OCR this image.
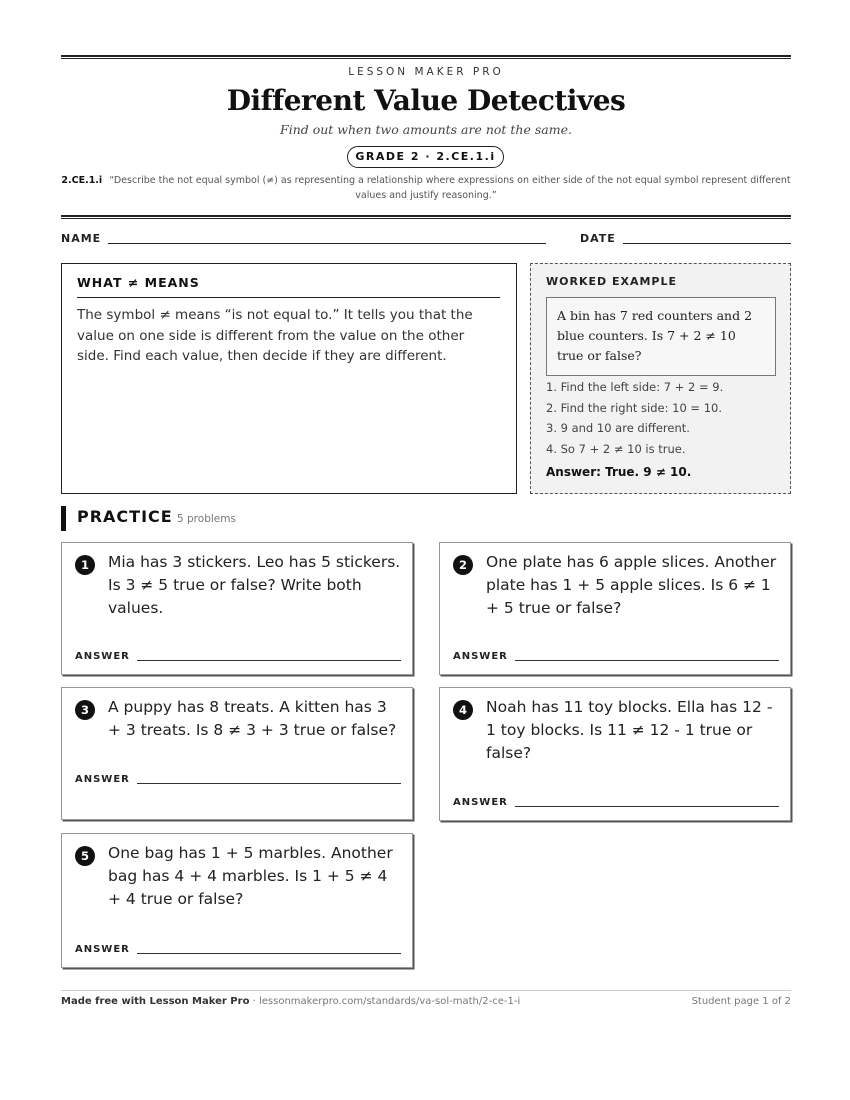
LESSON MAKER PRO
Different Value Detectives
Find out when two amounts are not the same.
GRADE 2 · 2.CE.1.i
2.CE.1.i “Describe the not equal symbol (≠) as representing a relationship where expressions on either side of the not equal symbol represent different values and justify reasoning.”
NAME	DATE
WHAT ≠ MEANS
The symbol ≠ means “is not equal to.” It tells you that the value on one side is different from the value on the other side. Find each value, then decide if they are different.
WORKED EXAMPLE
A bin has 7 red counters and 2 blue counters. Is 7 + 2 ≠ 10 true or false?
1. Find the left side: 7 + 2 = 9.
2. Find the right side: 10 = 10.
3. 9 and 10 are different.
4. So 7 + 2 ≠ 10 is true.
Answer: True. 9 ≠ 10.
PRACTICE 5 problems
1	Mia has 3 stickers. Leo has 5 stickers. Is 3 ≠ 5 true or false? Write both values.
ANSWER
2	One plate has 6 apple slices. Another plate has 1 + 5 apple slices. Is 6 ≠ 1 + 5 true or false?
ANSWER
3	A puppy has 8 treats. A kitten has 3 + 3 treats. Is 8 ≠ 3 + 3 true or false?
ANSWER
4	Noah has 11 toy blocks. Ella has 12 - 1 toy blocks. Is 11 ≠ 12 - 1 true or false?
ANSWER
5	One bag has 1 + 5 marbles. Another bag has 4 + 4 marbles. Is 1 + 5 ≠ 4 + 4 true or false?
ANSWER
Made free with Lesson Maker Pro · lessonmakerpro.com/standards/va-sol-math/2-ce-1-i	Student page 1 of 2
